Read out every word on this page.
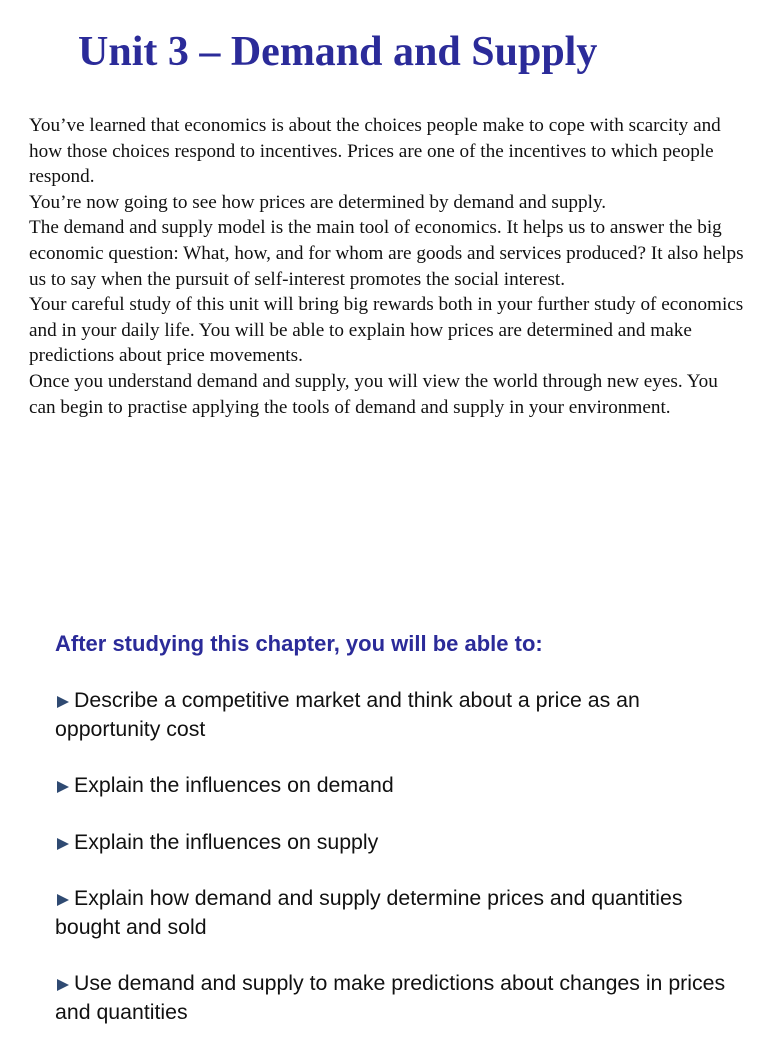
Unit 3 – Demand and Supply

You’ve learned that economics is about the choices people make to cope with scarcity and how those choices respond to incentives. Prices are one of the incentives to which people respond.

You’re now going to see how prices are determined by demand and supply.

The demand and supply model is the main tool of economics. It helps us to answer the big economic question: What, how, and for whom are goods and services produced? It also helps us to say when the pursuit of self-interest promotes the social interest.

Your careful study of this unit will bring big rewards both in your further study of economics and in your daily life. You will be able to explain how prices are determined and make predictions about price movements.

Once you understand demand and supply, you will view the world through new eyes. You can begin to practise applying the tools of demand and supply in your environment.

After studying this chapter, you will be able to:
Describe a competitive market and think about a price as an opportunity cost
Explain the influences on demand
Explain the influences on supply
Explain how demand and supply determine prices and quantities bought and sold
Use demand and supply to make predictions about changes in prices and quantities
